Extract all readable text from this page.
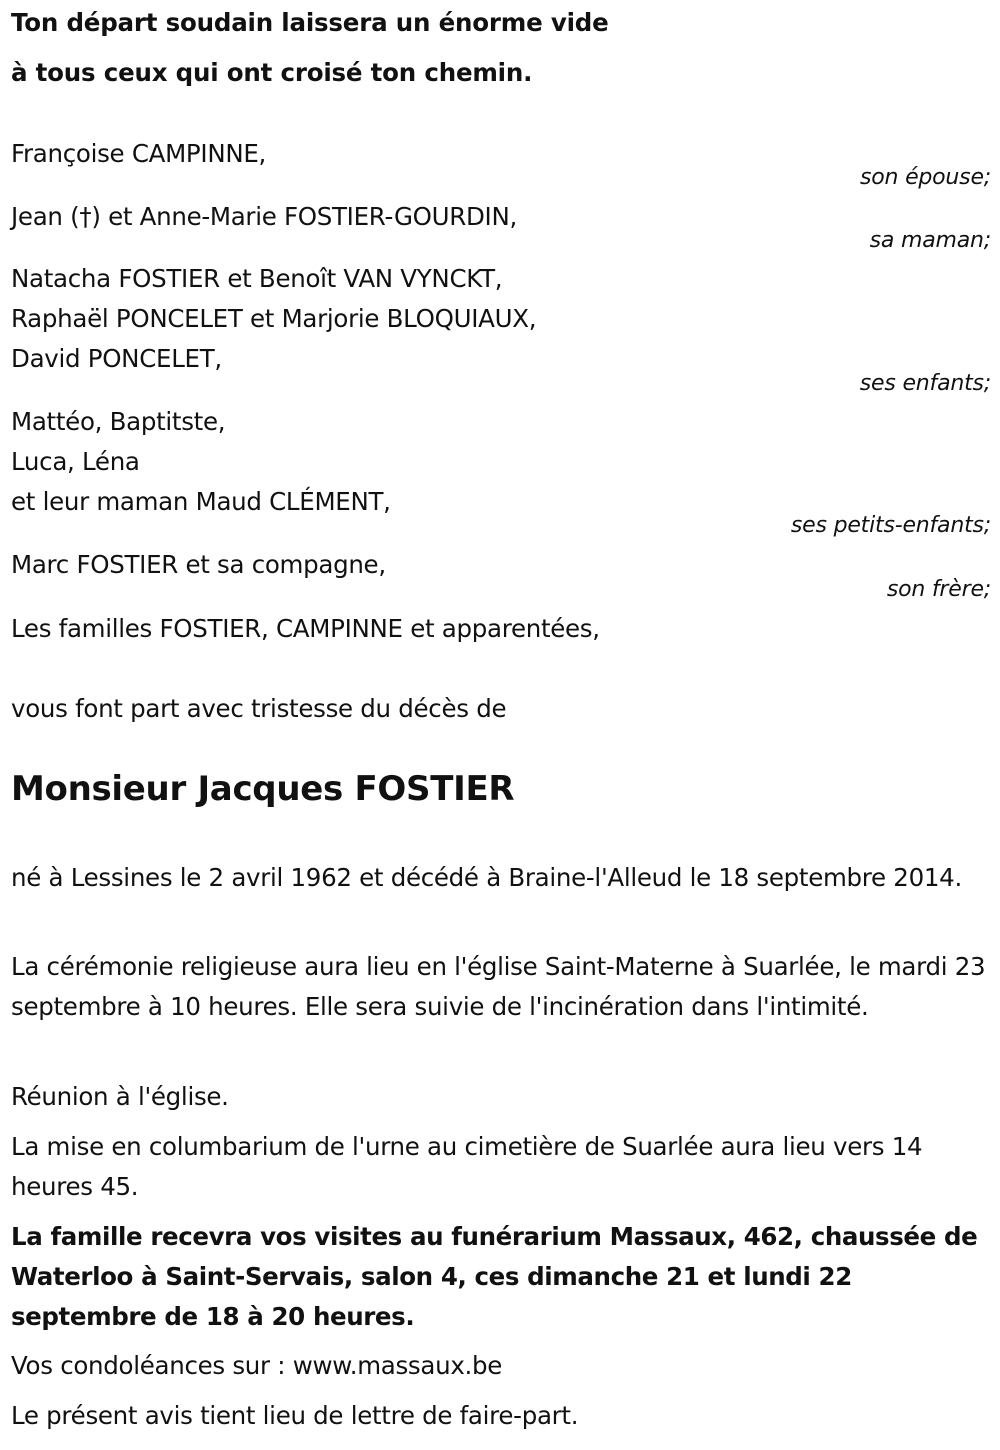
Ton départ soudain laissera un énorme vide
à tous ceux qui ont croisé ton chemin.
Françoise CAMPINNE,
son épouse;
Jean (†) et Anne-Marie FOSTIER-GOURDIN,
sa maman;
Natacha FOSTIER et Benoît VAN VYNCKT,
Raphaël PONCELET et Marjorie BLOQUIAUX,
David PONCELET,
ses enfants;
Mattéo, Baptitste,
Luca, Léna
et leur maman Maud CLÉMENT,
ses petits-enfants;
Marc FOSTIER et sa compagne,
son frère;
Les familles FOSTIER, CAMPINNE et apparentées,
vous font part avec tristesse du décès de
Monsieur Jacques FOSTIER
né à Lessines le 2 avril 1962 et décédé à Braine-l'Alleud le 18 septembre 2014.
La cérémonie religieuse aura lieu en l'église Saint-Materne à Suarlée, le mardi 23 septembre à 10 heures. Elle sera suivie de l'incinération dans l'intimité.
Réunion à l'église.
La mise en columbarium de l'urne au cimetière de Suarlée aura lieu vers 14 heures 45.
La famille recevra vos visites au funérarium Massaux, 462, chaussée de Waterloo à Saint-Servais, salon 4, ces dimanche 21 et lundi 22 septembre de 18 à 20 heures.
Vos condoléances sur : www.massaux.be
Le présent avis tient lieu de lettre de faire-part.
